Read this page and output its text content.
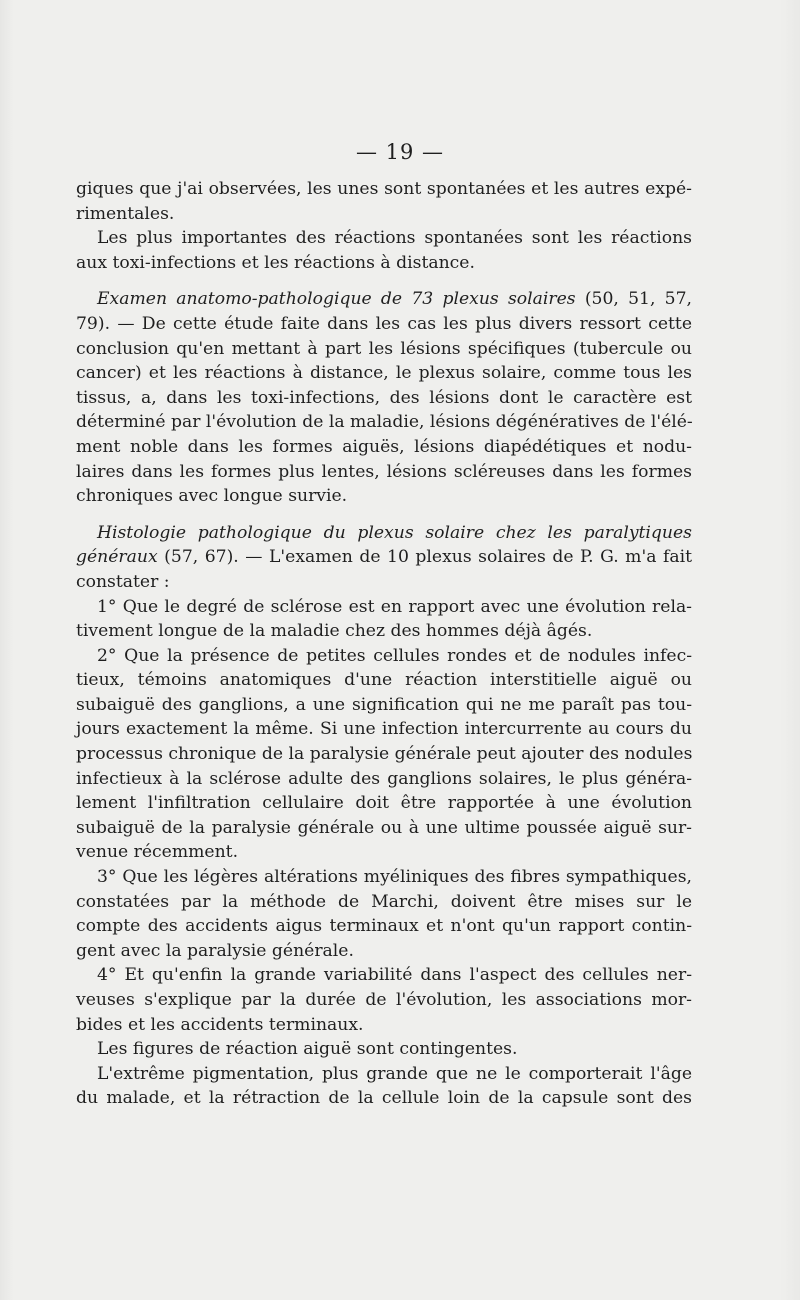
— 19 —
giques que j'ai observées, les unes sont spontanées et les autres expé-
rimentales.
Les plus importantes des réactions spontanées sont les réactions
aux toxi-infections et les réactions à distance.
Examen anatomo-pathologique de 73 plexus solaires (50, 51, 57,
79). — De cette étude faite dans les cas les plus divers ressort cette
conclusion qu'en mettant à part les lésions spécifiques (tubercule ou
cancer) et les réactions à distance, le plexus solaire, comme tous les
tissus, a, dans les toxi-infections, des lésions dont le caractère est
déterminé par l'évolution de la maladie, lésions dégénératives de l'élé-
ment noble dans les formes aiguës, lésions diapédétiques et nodu-
laires dans les formes plus lentes, lésions scléreuses dans les formes
chroniques avec longue survie.
Histologie pathologique du plexus solaire chez les paralytiques
généraux (57, 67). — L'examen de 10 plexus solaires de P. G. m'a fait
constater :
1° Que le degré de sclérose est en rapport avec une évolution rela-
tivement longue de la maladie chez des hommes déjà âgés.
2° Que la présence de petites cellules rondes et de nodules infec-
tieux, témoins anatomiques d'une réaction interstitielle aiguë ou
subaiguë des ganglions, a une signification qui ne me paraît pas tou-
jours exactement la même. Si une infection intercurrente au cours du
processus chronique de la paralysie générale peut ajouter des nodules
infectieux à la sclérose adulte des ganglions solaires, le plus généra-
lement l'infiltration cellulaire doit être rapportée à une évolution
subaiguë de la paralysie générale ou à une ultime poussée aiguë sur-
venue récemment.
3° Que les légères altérations myéliniques des fibres sympathiques,
constatées par la méthode de Marchi, doivent être mises sur le
compte des accidents aigus terminaux et n'ont qu'un rapport contin-
gent avec la paralysie générale.
4° Et qu'enfin la grande variabilité dans l'aspect des cellules ner-
veuses s'explique par la durée de l'évolution, les associations mor-
bides et les accidents terminaux.
Les figures de réaction aiguë sont contingentes.
L'extrême pigmentation, plus grande que ne le comporterait l'âge
du malade, et la rétraction de la cellule loin de la capsule sont des
